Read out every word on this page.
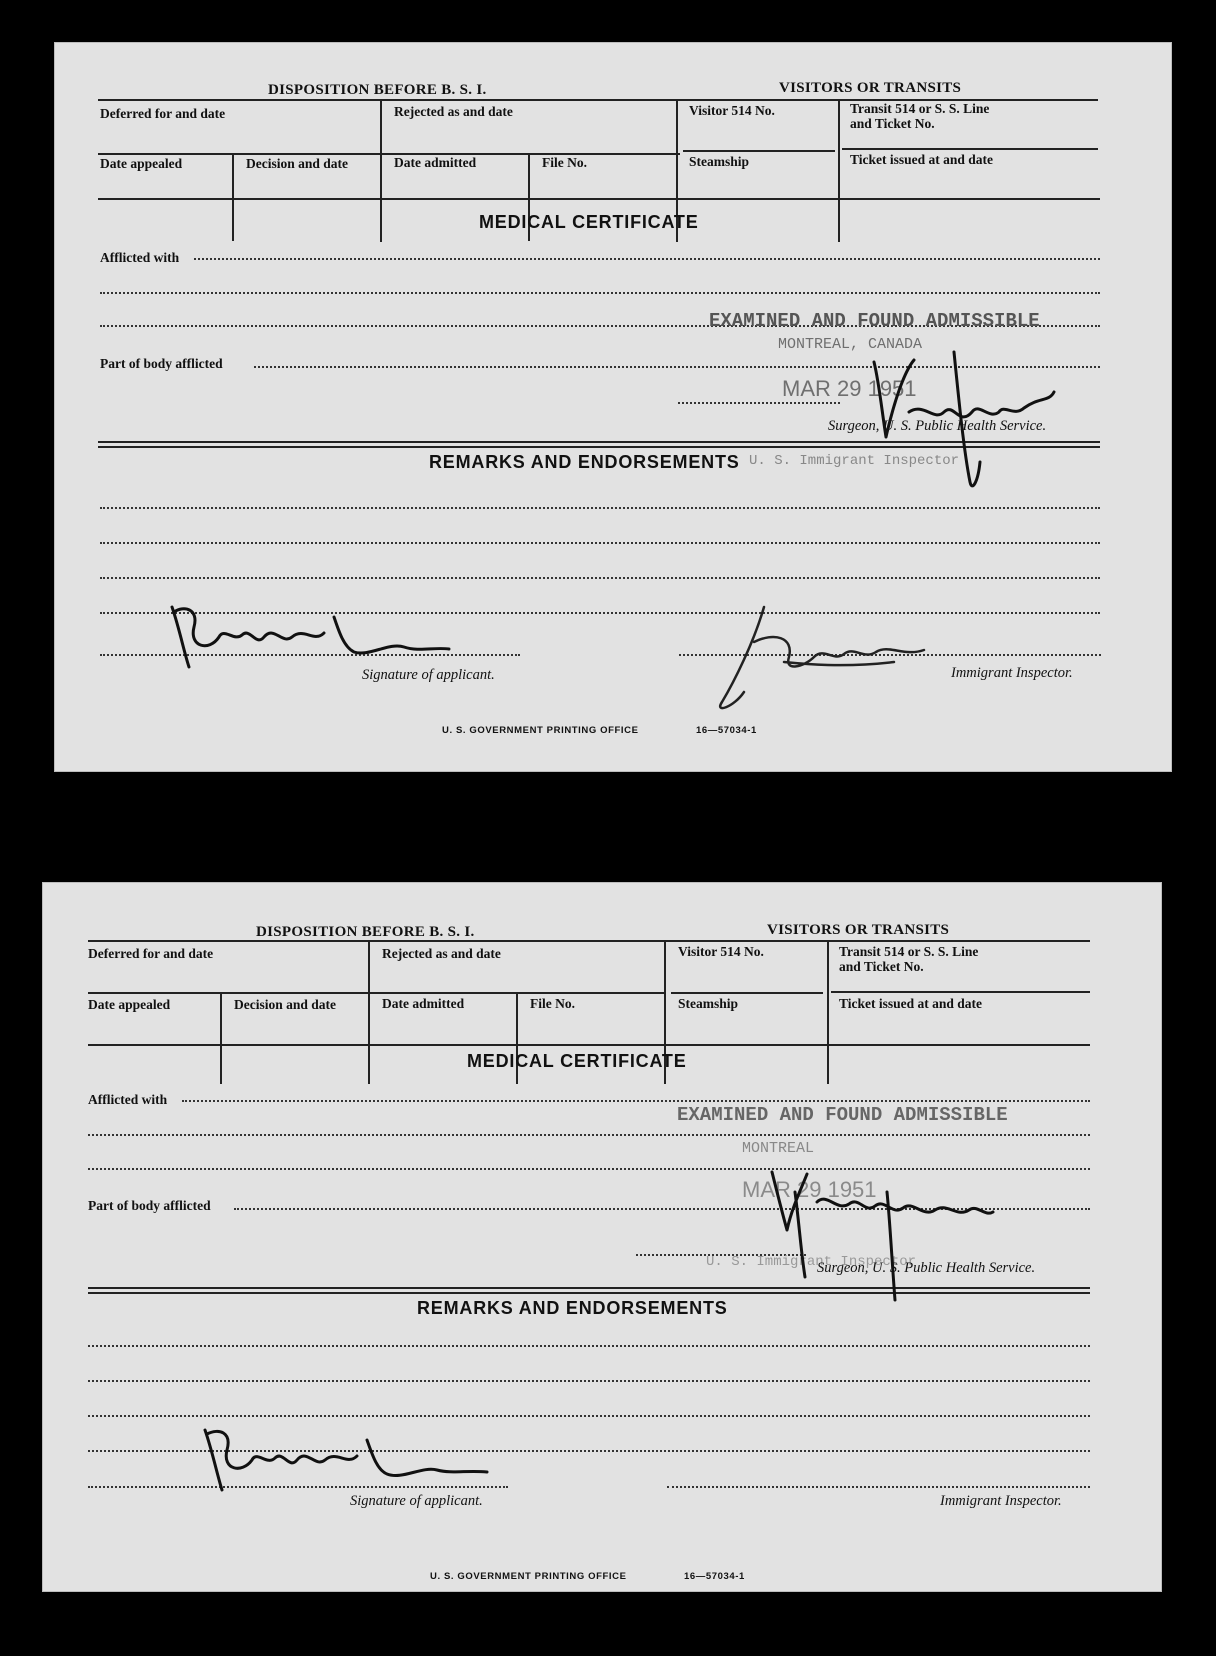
DISPOSITION BEFORE B. S. I.	VISITORS OR TRANSITS
Deferred for and date	Rejected as and date	Visitor 514 No.	Transit 514 or S. S. Line
and Ticket No.
Date appealed	Decision and date	Date admitted	File No.	Steamship	Ticket issued at and date
MEDICAL CERTIFICATE
Afflicted with
Part of body afflicted
EXAMINED AND FOUND ADMISSIBLE
MONTREAL, CANADA
MAR 29 1951
U. S. Immigrant Inspector
Surgeon, U. S. Public Health Service.
REMARKS AND ENDORSEMENTS
Signature of applicant.	Immigrant Inspector.
U. S. GOVERNMENT PRINTING OFFICE	16—57034-1
DISPOSITION BEFORE B. S. I.	VISITORS OR TRANSITS
Deferred for and date	Rejected as and date	Visitor 514 No.	Transit 514 or S. S. Line
and Ticket No.
Date appealed	Decision and date	Date admitted	File No.	Steamship	Ticket issued at and date
MEDICAL CERTIFICATE
Afflicted with
Part of body afflicted
EXAMINED AND FOUND ADMISSIBLE
MONTREAL
MAR 29 1951
U. S. Immigrant Inspector
Surgeon, U. S. Public Health Service.
REMARKS AND ENDORSEMENTS
Signature of applicant.	Immigrant Inspector.
U. S. GOVERNMENT PRINTING OFFICE	16—57034-1
